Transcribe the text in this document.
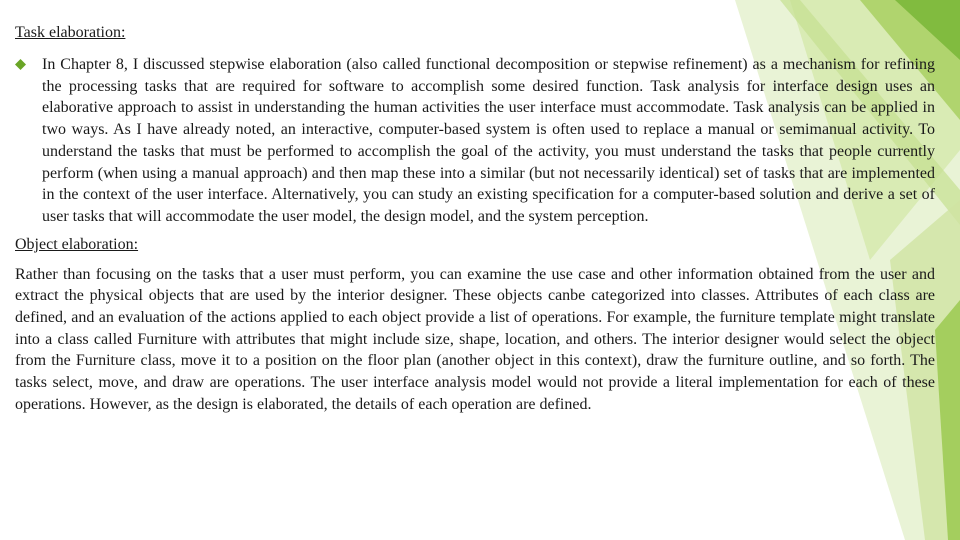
Task elaboration:

In Chapter 8, I discussed stepwise elaboration (also called functional decomposition or stepwise refinement) as a mechanism for refining the processing tasks that are required for software to accomplish some desired function. Task analysis for interface design uses an elaborative approach to assist in understanding the human activities the user interface must accommodate. Task analysis can be applied in two ways. As I have already noted, an interactive, computer-based system is often used to replace a manual or semimanual activity. To understand the tasks that must be performed to accomplish the goal of the activity, you must understand the tasks that people currently perform (when using a manual approach) and then map these into a similar (but not necessarily identical) set of tasks that are implemented in the context of the user interface. Alternatively, you can study an existing specification for a computer-based solution and derive a set of user tasks that will accommodate the user model, the design model, and the system perception.

Object elaboration:

Rather than focusing on the tasks that a user must perform, you can examine the use case and other information obtained from the user and extract the physical objects that are used by the interior designer. These objects canbe categorized into classes. Attributes of each class are defined, and an evaluation of the actions applied to each object provide a list of operations. For example, the furniture template might translate into a class called Furniture with attributes that might include size, shape, location, and others. The interior designer would select the object from the Furniture class, move it to a position on the floor plan (another object in this context), draw the furniture outline, and so forth. The tasks select, move, and draw are operations. The user interface analysis model would not provide a literal implementation for each of these operations. However, as the design is elaborated, the details of each operation are defined.
